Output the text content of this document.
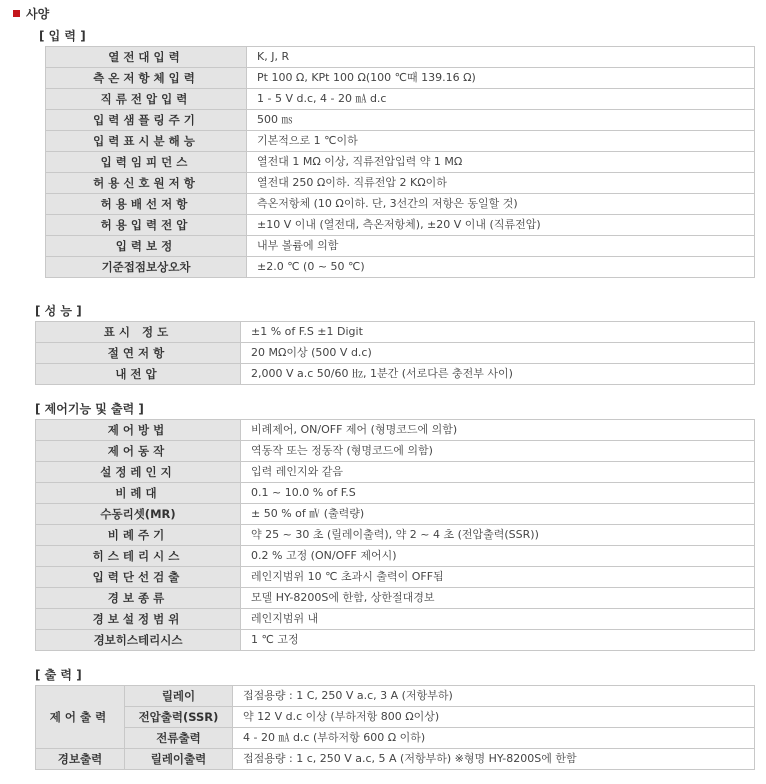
사양
[ 입 력 ]
열전대입력	K, J, R
측온저항체입력	Pt 100 Ω, KPt 100 Ω(100 ℃때 139.16 Ω)
직류전압입력	1 - 5 V d.c, 4 - 20 ㎃ d.c
입력샘플링주기	500 ㎳
입력표시분해능	기본적으로 1 ℃이하
입력임피던스	열전대 1 MΩ 이상, 직류전압입력 약 1 MΩ
허용신호원저항	열전대 250 Ω이하. 직류전압 2 KΩ이하
허용배선저항	측온저항체 (10 Ω이하. 단, 3선간의 저항은 동일할 것)
허용입력전압	±10 V 이내 (열전대, 측온저항체), ±20 V 이내 (직류전압)
입력보정	내부 볼륨에 의함
기준접점보상오차	±2.0 ℃ (0 ~ 50 ℃)
[ 성 능 ]
표시 정도	±1 % of F.S ±1 Digit
절연저항	20 MΩ이상 (500 V d.c)
내전압	2,000 V a.c 50/60 ㎐, 1분간 (서로다른 충전부 사이)
[ 제어기능 및 출력 ]
제어방법	비례제어, ON/OFF 제어 (형명코드에 의함)
제어동작	역동작 또는 정동작 (형명코드에 의함)
설정레인지	입력 레인지와 같음
비례대	0.1 ~ 10.0 % of F.S
수동리셋(MR)	± 50 % of ㎷ (출력량)
비례주기	약 25 ~ 30 초 (릴레이출력), 약 2 ~ 4 초 (전압출력(SSR))
히스테리시스	0.2 % 고정 (ON/OFF 제어시)
입력단선검출	레인지범위 10 ℃ 초과시 출력이 OFF됨
경보종류	모델 HY-8200S에 한함, 상한절대경보
경보설정범위	레인지범위 내
경보히스테리시스	1 ℃ 고정
[ 출 력 ]
제어출력	릴레이	접점용량 : 1 C, 250 V a.c, 3 A (저항부하)
	전압출력(SSR)	약 12 V d.c 이상 (부하저항 800 Ω이상)
	전류출력	4 - 20 ㎃ d.c (부하저항 600 Ω 이하)
경보출력	릴레이출력	접점용량 : 1 c, 250 V a.c, 5 A (저항부하) ※형명 HY-8200S에 한함
